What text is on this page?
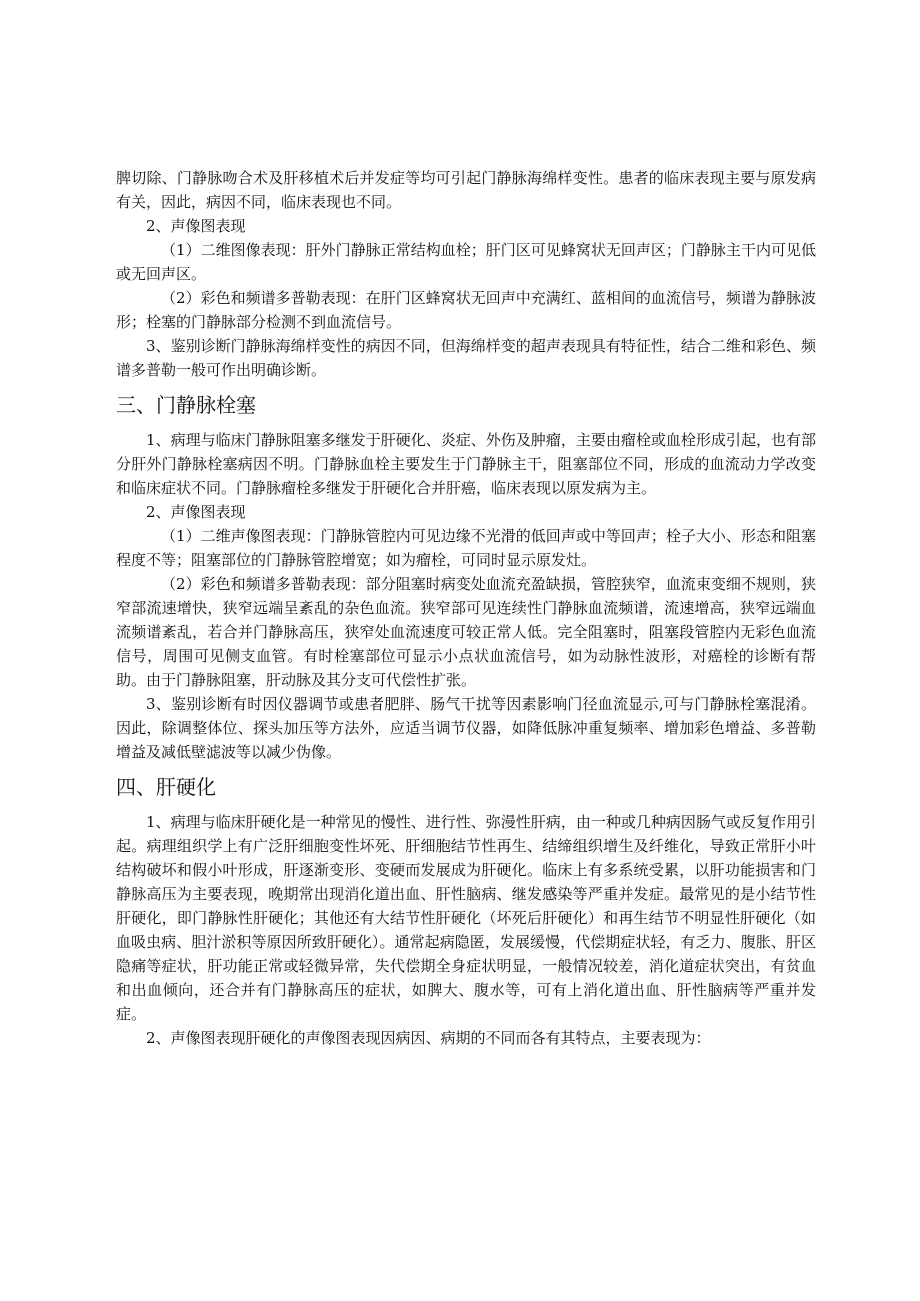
脾切除、门静脉吻合术及肝移植术后并发症等均可引起门静脉海绵样变性。患者的临床表现主要与原发病有关，因此，病因不同，临床表现也不同。

2、声像图表现

（1）二维图像表现：肝外门静脉正常结构血栓；肝门区可见蜂窝状无回声区；门静脉主干内可见低或无回声区。

（2）彩色和频谱多普勒表现：在肝门区蜂窝状无回声中充满红、蓝相间的血流信号，频谱为静脉波形；栓塞的门静脉部分检测不到血流信号。

3、鉴别诊断门静脉海绵样变性的病因不同，但海绵样变的超声表现具有特征性，结合二维和彩色、频谱多普勒一般可作出明确诊断。

三、门静脉栓塞

1、病理与临床门静脉阻塞多继发于肝硬化、炎症、外伤及肿瘤，主要由瘤栓或血栓形成引起，也有部分肝外门静脉栓塞病因不明。门静脉血栓主要发生于门静脉主干，阻塞部位不同，形成的血流动力学改变和临床症状不同。门静脉瘤栓多继发于肝硬化合并肝癌，临床表现以原发病为主。

2、声像图表现

（1）二维声像图表现：门静脉管腔内可见边缘不光滑的低回声或中等回声；栓子大小、形态和阻塞程度不等；阻塞部位的门静脉管腔增宽；如为瘤栓，可同时显示原发灶。

（2）彩色和频谱多普勒表现：部分阻塞时病变处血流充盈缺损，管腔狭窄，血流束变细不规则，狭窄部流速增快，狭窄远端呈紊乱的杂色血流。狭窄部可见连续性门静脉血流频谱，流速增高，狭窄远端血流频谱紊乱，若合并门静脉高压，狭窄处血流速度可较正常人低。完全阻塞时，阻塞段管腔内无彩色血流信号，周围可见侧支血管。有时栓塞部位可显示小点状血流信号，如为动脉性波形，对癌栓的诊断有帮助。由于门静脉阻塞，肝动脉及其分支可代偿性扩张。

3、鉴别诊断有时因仪器调节或患者肥胖、肠气干扰等因素影响门径血流显示,可与门静脉栓塞混淆。因此，除调整体位、探头加压等方法外，应适当调节仪器，如降低脉冲重复频率、增加彩色增益、多普勒增益及减低壁滤波等以减少伪像。

四、肝硬化

1、病理与临床肝硬化是一种常见的慢性、进行性、弥漫性肝病，由一种或几种病因肠气或反复作用引起。病理组织学上有广泛肝细胞变性坏死、肝细胞结节性再生、结缔组织增生及纤维化，导致正常肝小叶结构破坏和假小叶形成，肝逐渐变形、变硬而发展成为肝硬化。临床上有多系统受累，以肝功能损害和门静脉高压为主要表现，晚期常出现消化道出血、肝性脑病、继发感染等严重并发症。最常见的是小结节性肝硬化，即门静脉性肝硬化；其他还有大结节性肝硬化（坏死后肝硬化）和再生结节不明显性肝硬化（如血吸虫病、胆汁淤积等原因所致肝硬化）。通常起病隐匿，发展缓慢，代偿期症状轻，有乏力、腹胀、肝区隐痛等症状，肝功能正常或轻微异常，失代偿期全身症状明显，一般情况较差，消化道症状突出，有贫血和出血倾向，还合并有门静脉高压的症状，如脾大、腹水等，可有上消化道出血、肝性脑病等严重并发症。

2、声像图表现肝硬化的声像图表现因病因、病期的不同而各有其特点，主要表现为：
